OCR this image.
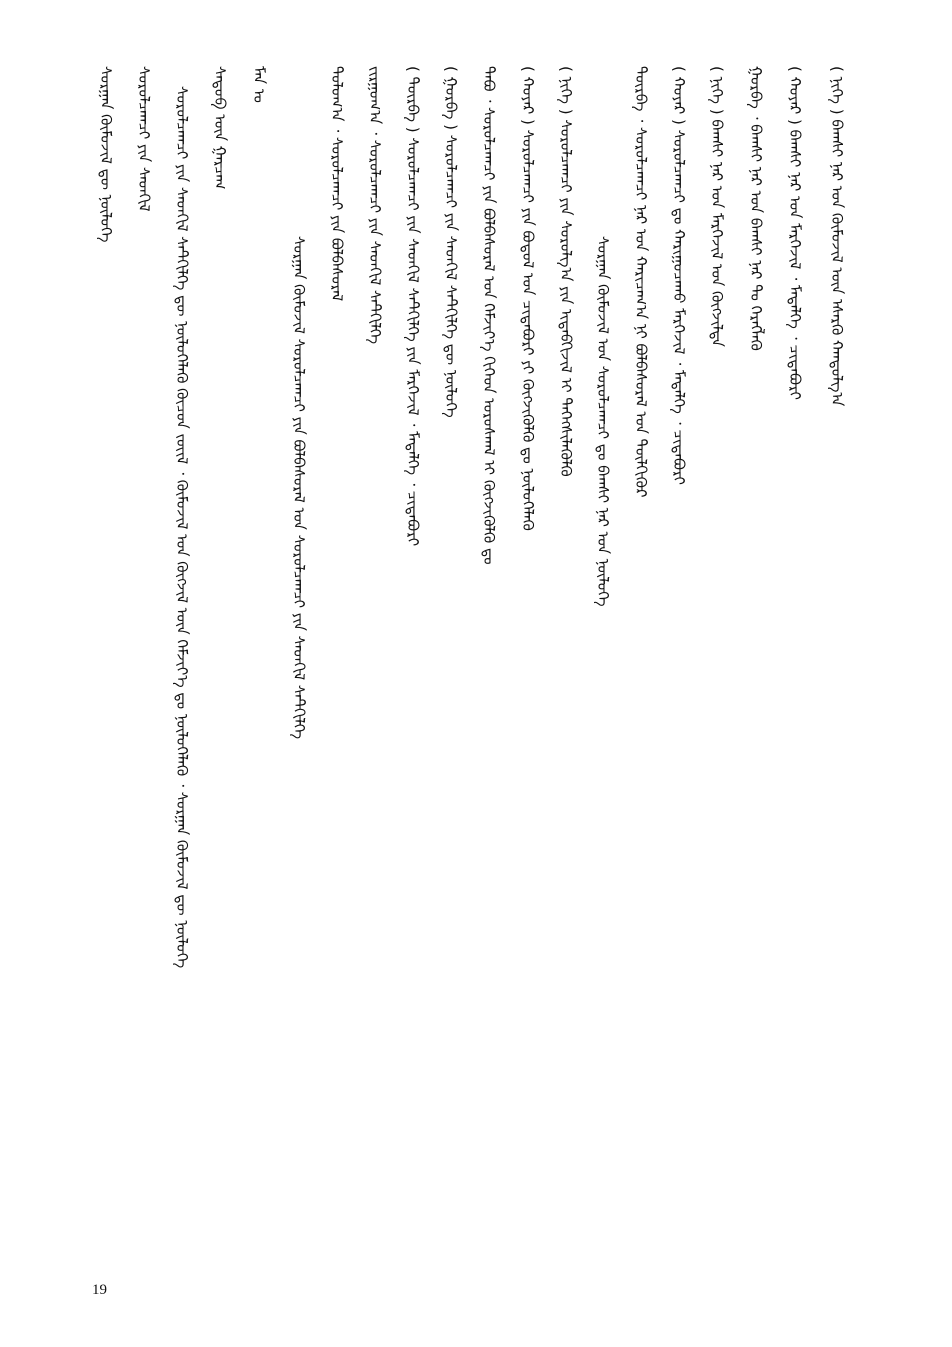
( ᠨᠢᠭᠡ ) ᠪᠠᠭᠰᠢ ᠨᠠᠷ ᠤᠨ ᠬᠦᠮᠦᠵᠢᠯ ᠦᠨ ᠡᠰᠡᠷᠭᠦ ᠬᠠᠨᠳᠤᠯᠭ᠎ᠠ
( ᠬᠣᠶᠠᠷ ) ᠪᠠᠭᠰᠢ ᠨᠠᠷ ᠤᠨ ᠮᠡᠷᠭᠡᠵᠢᠯ ᠂ ᠮᠡᠳᠡᠯᠭᠡ ᠂ ᠴᠢᠳᠠᠪᠤᠷᠢ
ᠭᠤᠷᠪᠠ ᠂ ᠪᠠᠭᠰᠢ ᠨᠠᠷ ᠤᠨ ᠪᠠᠭᠰᠢ ᠨᠠᠷ ᠲᠤ ᠬᠡᠷᠡᠭᠯᠡᠬᠦ
( ᠨᠢᠭᠡ ) ᠪᠠᠭᠰᠢ ᠨᠠᠷ ᠤᠨ ᠮᠡᠷᠭᠡᠵᠢᠯ ᠤᠨ ᠬᠦᠭᠵᠢᠯᠲᠡ
( ᠬᠣᠶᠠᠷ ) ᠰᠤᠷᠤᠯᠴᠠᠭᠴᠢ ᠳᠤ ᠬᠠᠷᠢᠭᠤᠴᠠᠬᠤ ᠮᠡᠷᠭᠡᠵᠢᠯ ᠂ ᠮᠡᠳᠡᠯᠭᠡ ᠂ ᠴᠢᠳᠠᠪᠤᠷᠢ
ᠳᠥᠷᠪᠡ ᠂ ᠰᠤᠷᠤᠯᠴᠠᠭᠴᠢ ᠨᠠᠷ ᠤᠨ ᠬᠠᠷᠢᠴᠠᠭ᠎ᠠ ᠨᠢ ᠪᠣᠯᠪᠠᠰᠤᠷᠠᠯ ᠤᠨ ᠲᠦᠯᠬᠢᠭᠦᠷ
ᠰᠤᠷᠭᠠᠨ ᠬᠦᠮᠦᠵᠢᠯ ᠤᠨ ᠰᠤᠷᠤᠯᠴᠠᠭᠴᠢ ᠳᠤ ᠪᠠᠭᠰᠢ ᠨᠠᠷ ᠤᠨ ᠨᠦᠯᠦᠭᠡ
( ᠨᠢᠭᠡ ) ᠰᠤᠷᠤᠯᠴᠠᠭᠴᠢ ᠶᠢᠨ ᠰᠤᠷᠤᠯᠭ᠎ᠠ ᠶᠢᠨ ᠢᠳᠡᠪᠬᠢᠵᠢᠯ ᠢ ᠳᠡᠭᠡᠭᠰᠢᠯᠡᠭᠦᠯᠬᠦ
( ᠬᠣᠶᠠᠷ ) ᠰᠤᠷᠤᠯᠴᠠᠭᠴᠢ ᠶᠢᠨ ᠪᠣᠳᠣᠯ ᠤᠨ ᠴᠢᠳᠠᠪᠤᠷᠢ ᠶᠢ ᠬᠥᠭᠵᠢᠭᠦᠯᠬᠦ ᠳᠤ ᠨᠥᠯᠦᠭᠡᠯᠡᠬᠦ
ᠲᠠᠪᠤ ᠂ ᠰᠤᠷᠤᠯᠴᠠᠭᠴᠢ ᠶᠢᠨ ᠪᠣᠯᠪᠠᠰᠤᠷᠠᠯ ᠤᠨ ᠬᠡᠮᠵᠢᠶ᠎ᠡ ᠬᠢᠭᠡᠳ ᠤᠷᠤᠰᠬᠠᠯ ᠢ ᠬᠥᠭᠵᠢᠭᠦᠯᠬᠦ ᠳᠤ
( ᠭᠤᠷᠪᠠ ) ᠰᠤᠷᠤᠯᠴᠠᠭᠴᠢ ᠶᠢᠨ ᠰᠡᠳᠬᠢᠯ ᠰᠡᠲᠬᠢᠯᠭᠡ ᠳᠦ ᠨᠥᠯᠦᠭᠡ
( ᠳᠥᠷᠪᠡ ) ᠰᠤᠷᠤᠯᠴᠠᠭᠴᠢ ᠶᠢᠨ ᠰᠡᠳᠬᠢᠯ ᠰᠡᠲᠬᠢᠯᠭᠡ ᠶᠢᠨ ᠮᠡᠷᠭᠡᠵᠢᠯ ᠂ ᠮᠡᠳᠡᠯᠭᠡ ᠂ ᠴᠢᠳᠠᠪᠤᠷᠢ
ᠵᠢᠷᠭᠤᠭ᠎ᠠ ᠂ ᠰᠤᠷᠤᠯᠴᠠᠭᠴᠢ ᠶᠢᠨ ᠰᠡᠳᠬᠢᠯ ᠰᠡᠲᠬᠢᠯᠭᠡ
ᠳᠣᠯᠣᠭ᠎ᠠ ᠂ ᠰᠤᠷᠤᠯᠴᠠᠭᠴᠢ ᠶᠢᠨ ᠪᠣᠯᠪᠠᠰᠤᠷᠠᠯ
ᠰᠤᠷᠭᠠᠨ ᠬᠦᠮᠦᠵᠢᠯ ᠰᠤᠷᠤᠯᠴᠠᠭᠴᠢ ᠶᠢᠨ ᠪᠣᠯᠪᠠᠰᠤᠷᠠᠯ ᠤᠨ ᠰᠤᠷᠤᠯᠴᠠᠭᠴᠢ ᠶᠢᠨ ᠰᠡᠳᠬᠢᠯ ᠰᠡᠲᠬᠢᠯᠭᠡ
ᠮᠠᠨ ᠤ
ᠰᠡᠳᠦᠪ ᠦᠨ ᠭᠠᠷᠴᠠᠭ
ᠰᠤᠷᠤᠯᠴᠠᠭᠴᠢ ᠶᠢᠨ ᠰᠡᠳᠬᠢᠯ ᠰᠡᠲᠬᠢᠯᠭᠡ ᠳᠦ ᠨᠥᠯᠦᠭᠡᠯᠡᠬᠦ ᠬᠦᠴᠦᠨ ᠵᠦᠢᠯ ᠂ ᠬᠦᠮᠦᠵᠢᠯ ᠤᠨ ᠬᠥᠭᠵᠢᠯ ᠦᠨ ᠬᠡᠮᠵᠢᠶ᠎ᠡ ᠳᠤ ᠨᠥᠯᠦᠭᠡᠯᠡᠬᠦ ᠂ ᠰᠤᠷᠭᠠᠨ ᠬᠦᠮᠦᠵᠢᠯ ᠳᠦ ᠨᠥᠯᠦᠭᠡ
ᠰᠤᠷᠤᠯᠴᠠᠭᠴᠢ ᠶᠢᠨ ᠰᠡᠳᠬᠢᠯ
ᠰᠤᠷᠭᠠᠨ ᠬᠦᠮᠦᠵᠢᠯ ᠳᠦ ᠨᠥᠯᠦᠭᠡ
19
